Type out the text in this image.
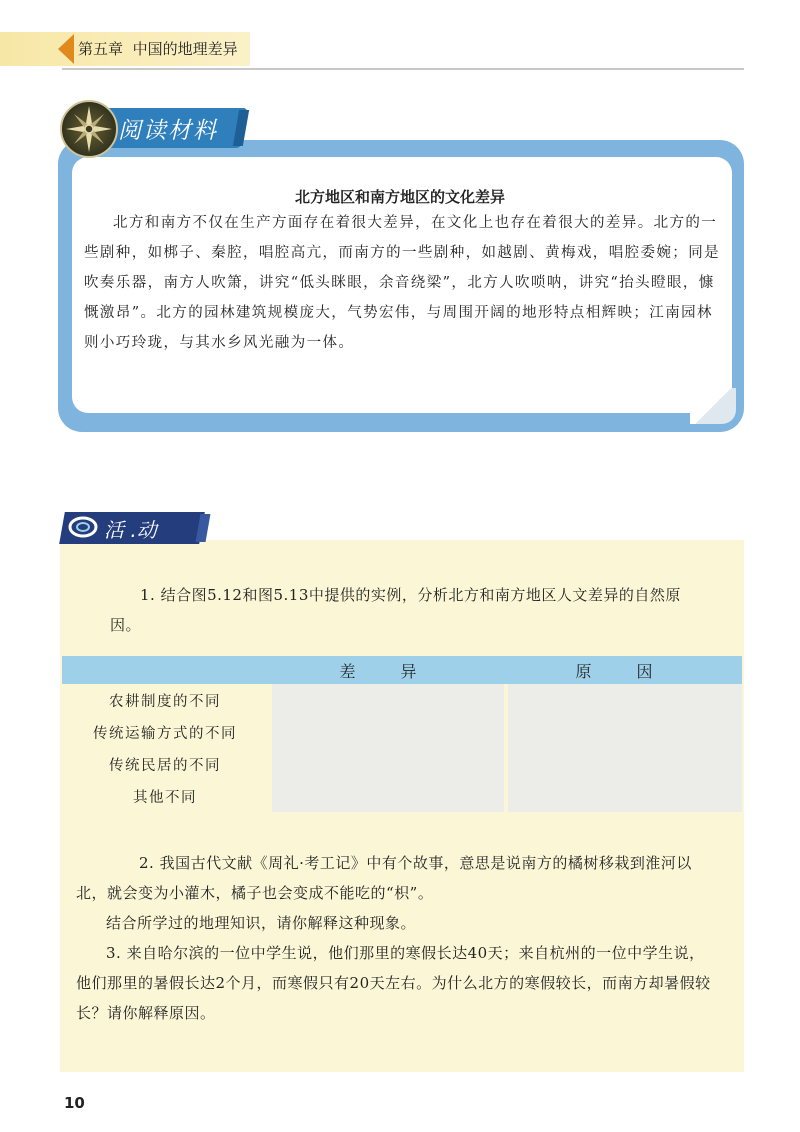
第五章 中国的地理差异
阅读材料
北方地区和南方地区的文化差异
北方和南方不仅在生产方面存在着很大差异，在文化上也存在着很大的差异。北方的一些剧种，如梆子、秦腔，唱腔高亢，而南方的一些剧种，如越剧、黄梅戏，唱腔委婉；同是吹奏乐器，南方人吹箫，讲究“低头眯眼，余音绕梁”，北方人吹唢呐，讲究“抬头瞪眼，慷慨激昂”。北方的园林建筑规模庞大，气势宏伟，与周围开阔的地形特点相辉映；江南园林则小巧玲珑，与其水乡风光融为一体。
活 .动
1. 结合图5.12和图5.13中提供的实例，分析北方和南方地区人文差异的自然原因。
	差 异	原 因
农耕制度的不同		
传统运输方式的不同		
传统民居的不同		
其他不同		

2. 我国古代文献《周礼·考工记》中有个故事，意思是说南方的橘树移栽到淮河以北，就会变为小灌木，橘子也会变成不能吃的“枳”。

结合所学过的地理知识，请你解释这种现象。

3. 来自哈尔滨的一位中学生说，他们那里的寒假长达40天；来自杭州的一位中学生说，他们那里的暑假长达2个月，而寒假只有20天左右。为什么北方的寒假较长，而南方却暑假较长？请你解释原因。

10
